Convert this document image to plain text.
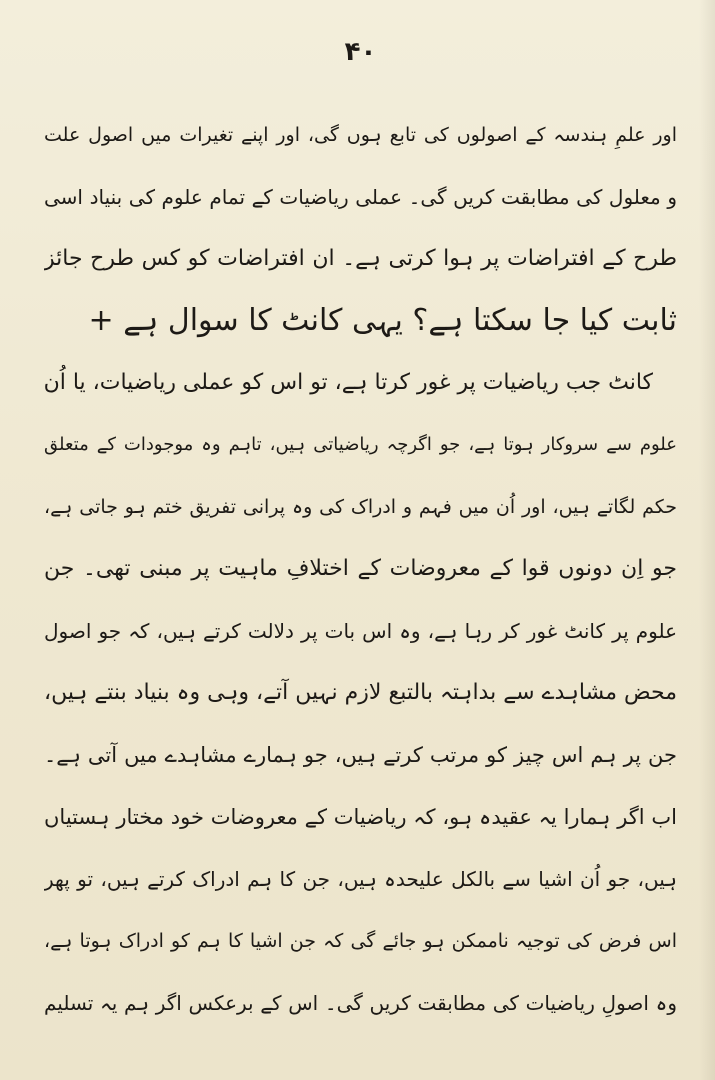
۴۰
اور علمِ ہندسہ کے اصولوں کی تابع ہوں گی، اور اپنے تغیرات میں اصول علت
و معلول کی مطابقت کریں گی۔ عملی ریاضیات کے تمام علوم کی بنیاد اسی
طرح کے افتراضات پر ہوا کرتی ہے۔ ان افتراضات کو کس طرح جائز
ثابت کیا جا سکتا ہے؟ یہی کانٹ کا سوال ہے +
کانٹ جب ریاضیات پر غور کرتا ہے، تو اس کو عملی ریاضیات، یا اُن
علوم سے سروکار ہوتا ہے، جو اگرچہ ریاضیاتی ہیں، تاہم وہ موجودات کے متعلق
حکم لگاتے ہیں، اور اُن میں فہم و ادراک کی وہ پرانی تفریق ختم ہو جاتی ہے،
جو اِن دونوں قوا کے معروضات کے اختلافِ ماہیت پر مبنی تھی۔ جن
علوم پر کانٹ غور کر رہا ہے، وہ اس بات پر دلالت کرتے ہیں، کہ جو اصول
محض مشاہدے سے بداہتہ بالتبع لازم نہیں آتے، وہی وہ بنیاد بنتے ہیں،
جن پر ہم اس چیز کو مرتب کرتے ہیں، جو ہمارے مشاہدے میں آتی ہے۔
اب اگر ہمارا یہ عقیدہ ہو، کہ ریاضیات کے معروضات خود مختار ہستیاں
ہیں، جو اُن اشیا سے بالکل علیحدہ ہیں، جن کا ہم ادراک کرتے ہیں، تو پھر
اس فرض کی توجیہ ناممکن ہو جائے گی کہ جن اشیا کا ہم کو ادراک ہوتا ہے،
وہ اصولِ ریاضیات کی مطابقت کریں گی۔ اس کے برعکس اگر ہم یہ تسلیم
